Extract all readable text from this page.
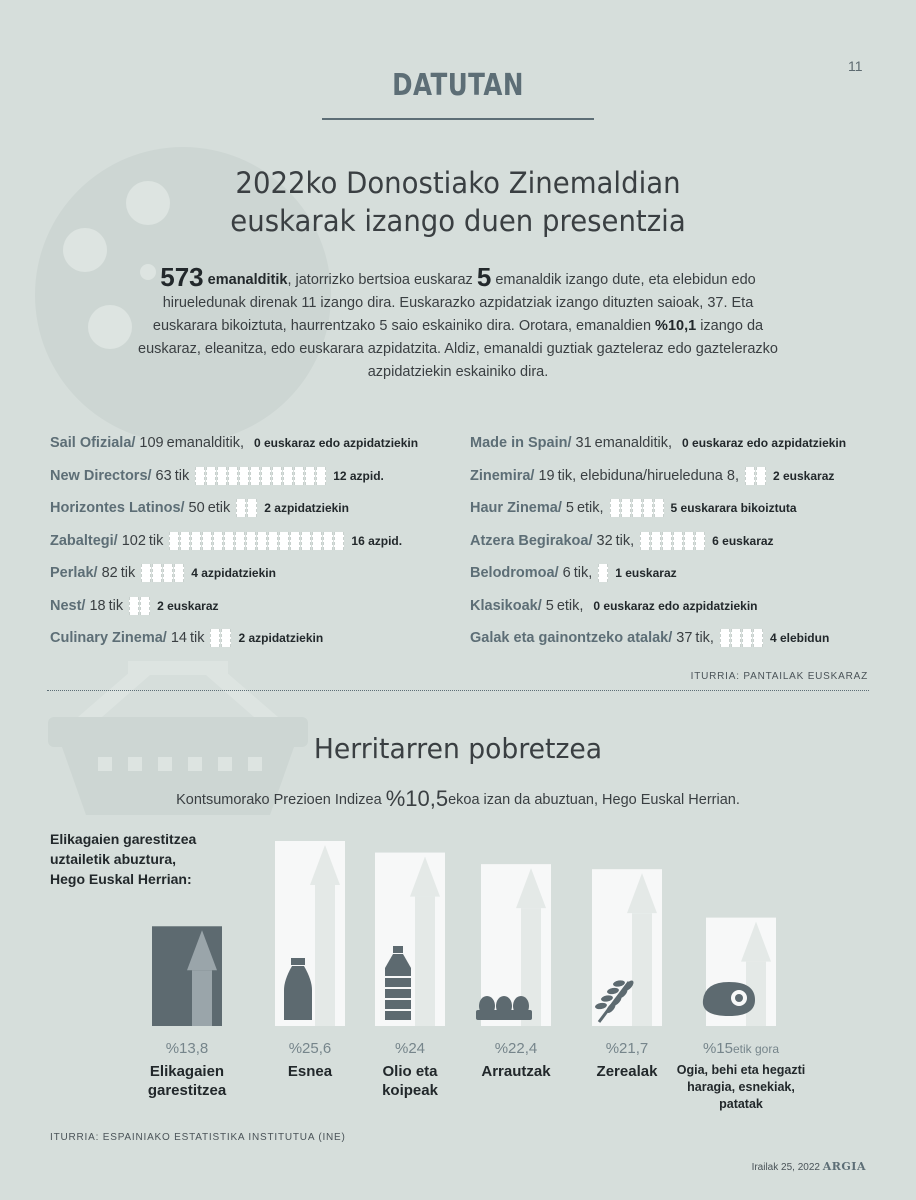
11
DATUTAN
2022ko Donostiako Zinemaldian
euskarak izango duen presentzia
573 emanalditik, jatorrizko bertsioa euskaraz 5 emanaldik izango dute, eta elebidun edo hirueledunak direnak 11 izango dira. Euskarazko azpidatziak izango dituzten saioak, 37. Eta euskarara bikoiztuta, haurrentzako 5 saio eskainiko dira. Orotara, emanaldien %10,1 izango da euskaraz, eleanitza, edo euskarara azpidatzita. Aldiz, emanaldi guztiak gazteleraz edo gaztelerazko azpidatziekin eskainiko dira.
Sail Ofiziala/ 109 emanalditik, 0 euskaraz edo azpidatziekin
New Directors/ 63 tik	12 azpid.
Horizontes Latinos/ 50 etik	2 azpidatziekin
Zabaltegi/ 102 tik	16 azpid.
Perlak/ 82 tik	4 azpidatziekin
Nest/ 18 tik	2 euskaraz
Culinary Zinema/ 14 tik	2 azpidatziekin
Made in Spain/ 31 emanalditik, 0 euskaraz edo azpidatziekin
Zinemira/ 19 tik, elebiduna/hirueleduna 8,	2 euskaraz
Haur Zinema/ 5 etik,	5 euskarara bikoiztuta
Atzera Begirakoa/ 32 tik,	6 euskaraz
Belodromoa/ 6 tik, 1 euskaraz
Klasikoak/ 5 etik, 0 euskaraz edo azpidatziekin
Galak eta gainontzeko atalak/ 37 tik,	4 elebidun
ITURRIA: PANTAILAK EUSKARAZ
Herritarren pobretzea
Kontsumorako Prezioen Indizea %10,5ekoa izan da abuztuan, Hego Euskal Herrian.
Elikagaien garestitzea
uztailetik abuztura,
Hego Euskal Herrian:
%13,8
Elikagaien
garestitzea
%25,6
Esnea
%24
Olio eta
koipeak
%22,4
Arrautzak
%21,7
Zerealak
%15etik gora
Ogia, behi eta hegazti
haragia, esnekiak,
patatak
ITURRIA: ESPAINIAKO ESTATISTIKA INSTITUTUA (INE)
Irailak 25, 2022 ARGIA
